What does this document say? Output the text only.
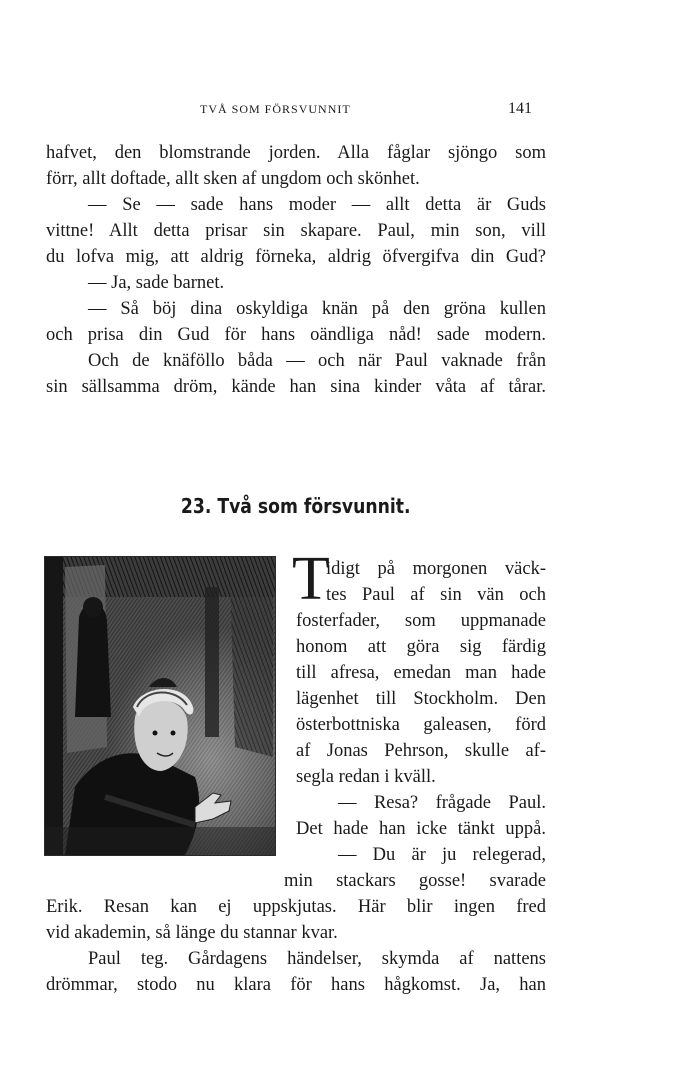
TVÅ SOM FÖRSVUNNIT	141
hafvet, den blomstrande jorden. Alla fåglar sjöngo som
förr, allt doftade, allt sken af ungdom och skönhet.
— Se — sade hans moder — allt detta är Guds
vittne! Allt detta prisar sin skapare. Paul, min son, vill
du lofva mig, att aldrig förneka, aldrig öfvergifva din Gud?
— Ja, sade barnet.
— Så böj dina oskyldiga knän på den gröna kullen
och prisa din Gud för hans oändliga nåd! sade modern.
Och de knäföllo båda — och när Paul vaknade från
sin sällsamma dröm, kände han sina kinder våta af tårar.
23. Två som försvunnit.
T
idigt på morgonen väck-
tes Paul af sin vän och
fosterfader, som uppmanade
honom att göra sig färdig
till afresa, emedan man hade
lägenhet till Stockholm. Den
österbottniska galeasen, förd
af Jonas Pehrson, skulle af-
segla redan i kväll.
— Resa? frågade Paul.
Det hade han icke tänkt uppå.
— Du är ju relegerad,
min stackars gosse! svarade
Erik. Resan kan ej uppskjutas. Här blir ingen fred
vid akademin, så länge du stannar kvar.
Paul teg. Gårdagens händelser, skymda af nattens
drömmar, stodo nu klara för hans hågkomst. Ja, han
